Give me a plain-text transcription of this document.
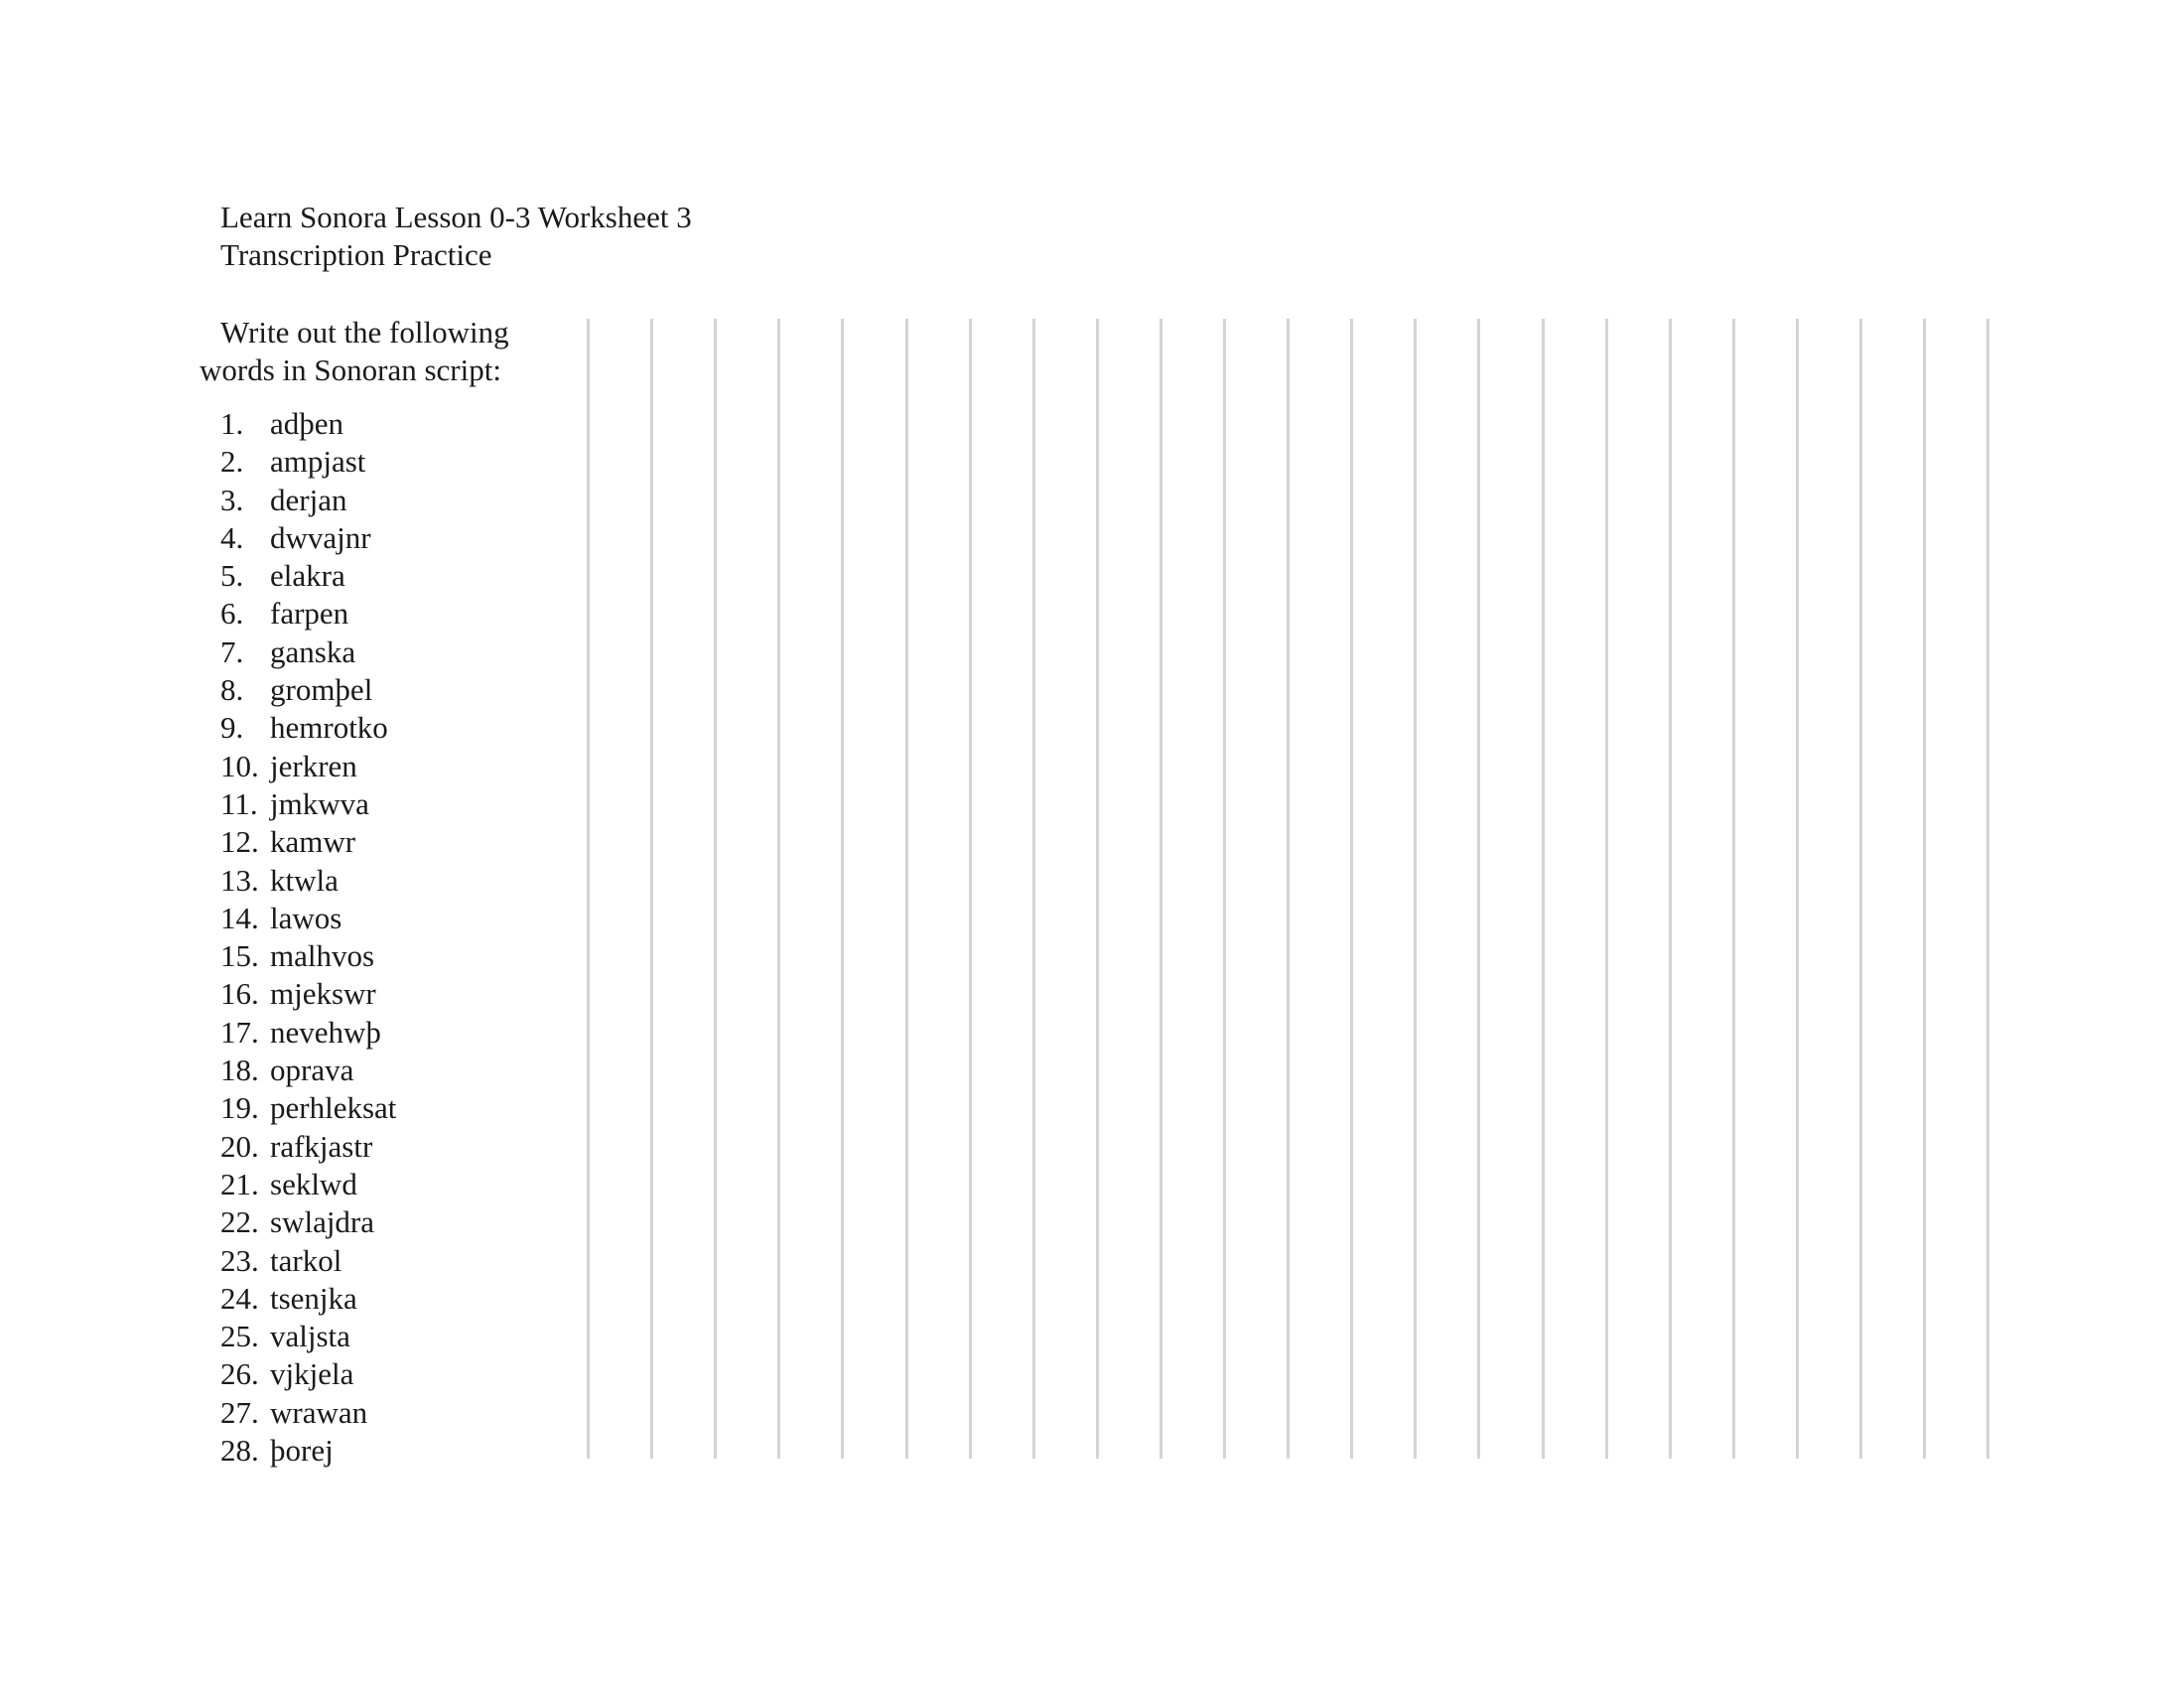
Learn Sonora Lesson 0-3 Worksheet 3
Transcription Practice
Write out the following words in Sonoran script:
1. adþen
2. ampjast
3. derjan
4. dwvajnr
5. elakra
6. farpen
7. ganska
8. gromþel
9. hemrotko
10. jerkren
11. jmkwva
12. kamwr
13. ktwla
14. lawos
15. malhvos
16. mjekswr
17. nevehwþ
18. oprava
19. perhleksat
20. rafkjastr
21. seklwd
22. swlajdra
23. tarkol
24. tsenjka
25. valjsta
26. vjkjela
27. wrawan
28. þorej
